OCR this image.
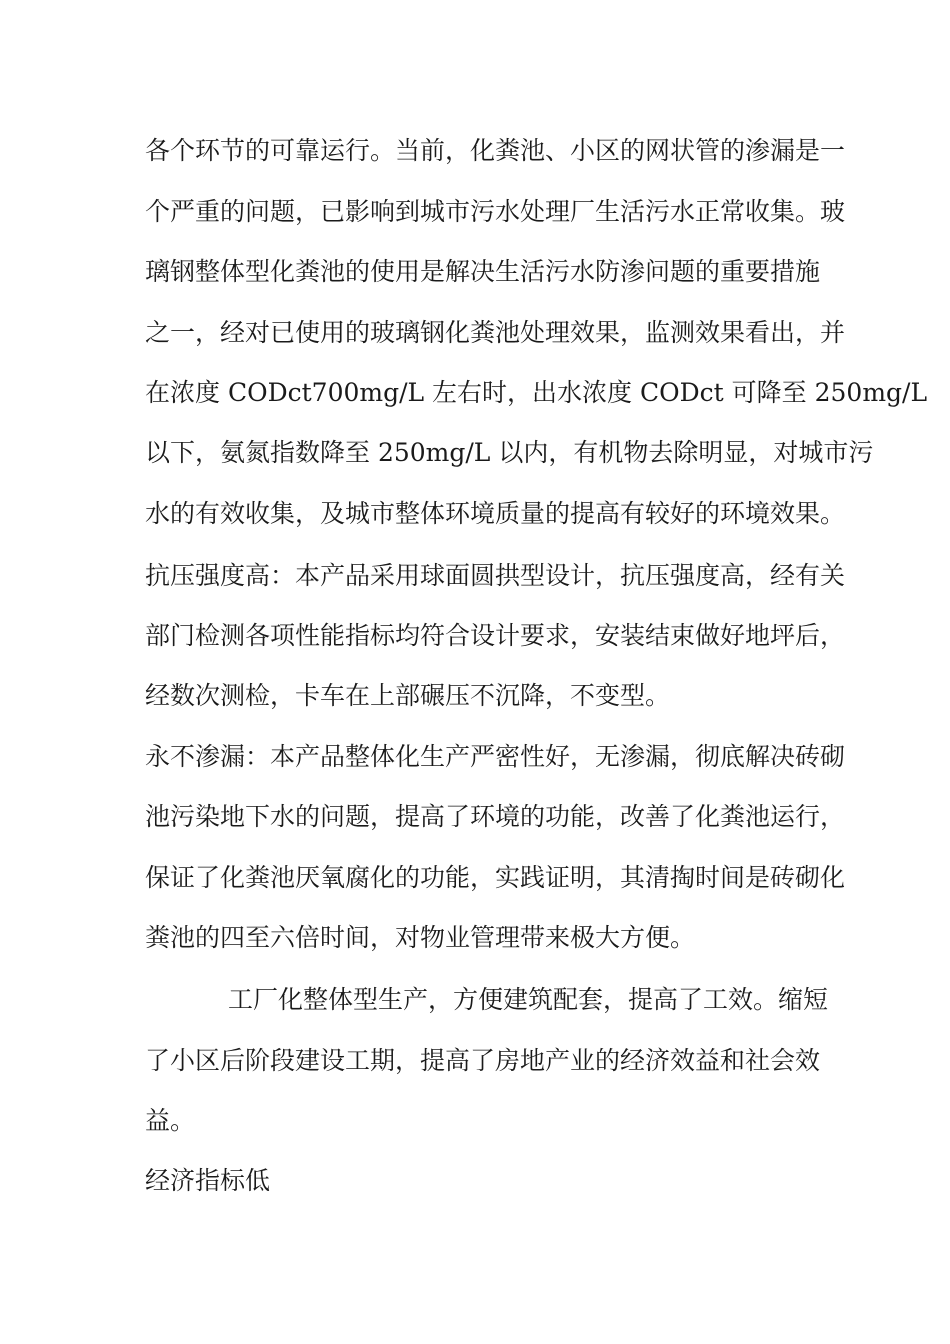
各个环节的可靠运行。当前，化粪池、小区的网状管的渗漏是一
个严重的问题，已影响到城市污水处理厂生活污水正常收集。玻
璃钢整体型化粪池的使用是解决生活污水防渗问题的重要措施
之一，经对已使用的玻璃钢化粪池处理效果，监测效果看出，并
在浓度 CODct700mg/L 左右时，出水浓度 CODct 可降至 250mg/L
以下，氨氮指数降至 250mg/L 以内，有机物去除明显，对城市污
水的有效收集，及城市整体环境质量的提高有较好的环境效果。
抗压强度高：本产品采用球面圆拱型设计，抗压强度高，经有关
部门检测各项性能指标均符合设计要求，安装结束做好地坪后，
经数次测检，卡车在上部碾压不沉降，不变型。
永不渗漏：本产品整体化生产严密性好，无渗漏，彻底解决砖砌
池污染地下水的问题，提高了环境的功能，改善了化粪池运行，
保证了化粪池厌氧腐化的功能，实践证明，其清掏时间是砖砌化
粪池的四至六倍时间，对物业管理带来极大方便。
工厂化整体型生产，方便建筑配套，提高了工效。缩短
了小区后阶段建设工期，提高了房地产业的经济效益和社会效
益。
经济指标低
